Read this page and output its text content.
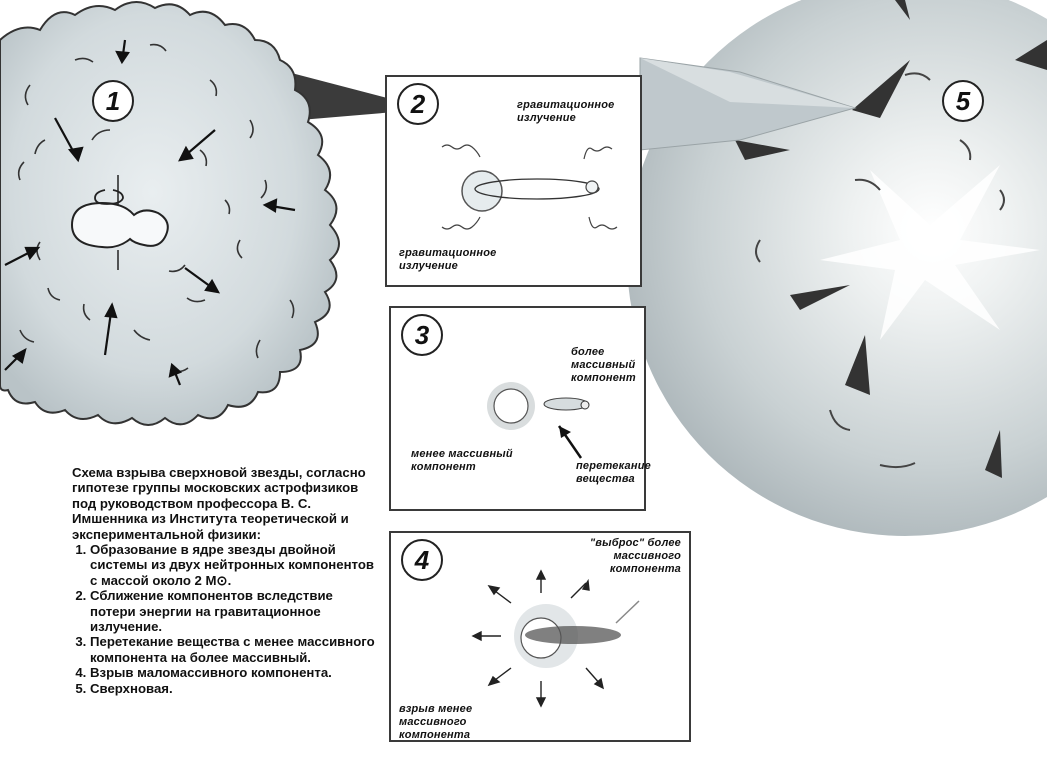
1	5
2	гравитационное излучение
гравитационное излучение
3
более массивный компонент
менее массивный компонент	перетекание вещества
4
"выброс" более массивного компонента
взрыв менее массивного компонента
Схема взрыва сверхновой звезды, согласно гипотезе группы московских астрофизиков под руководством профессора В. С. Имшенника из Института теоретической и экспериментальной физики:
1. Образование в ядре звезды двойной системы из двух нейтронных компонентов с массой около 2 M⊙.
2. Сближение компонентов вследствие потери энергии на гравитационное излучение.
3. Перетекание вещества с менее массивного компонента на более массивный.
4. Взрыв маломассивного компонента.
5. Сверхновая.
